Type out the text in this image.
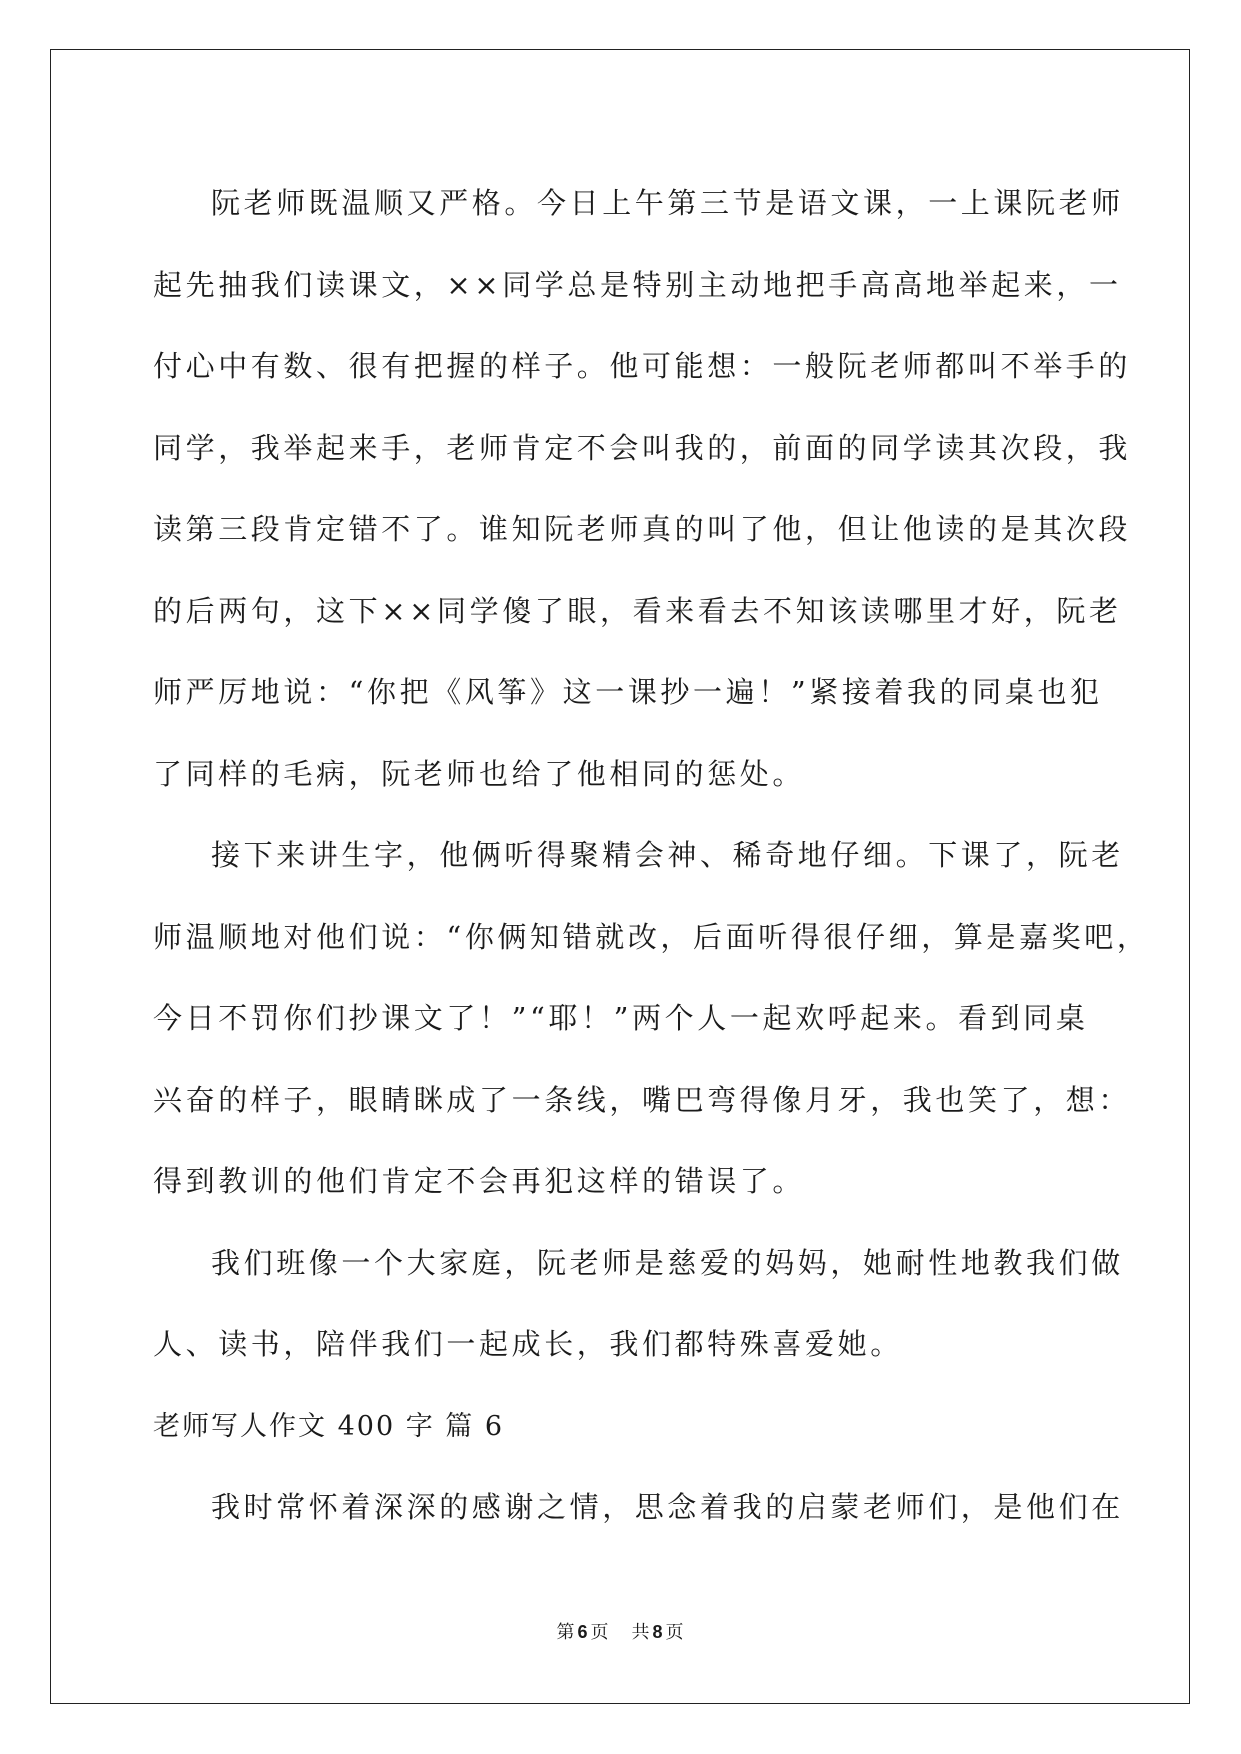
阮老师既温顺又严格。今日上午第三节是语文课，一上课阮老师
起先抽我们读课文，××同学总是特别主动地把手高高地举起来，一
付心中有数、很有把握的样子。他可能想：一般阮老师都叫不举手的
同学，我举起来手，老师肯定不会叫我的，前面的同学读其次段，我
读第三段肯定错不了。谁知阮老师真的叫了他，但让他读的是其次段
的后两句，这下××同学傻了眼，看来看去不知该读哪里才好，阮老
师严厉地说：“你把《风筝》这一课抄一遍！”紧接着我的同桌也犯
了同样的毛病，阮老师也给了他相同的惩处。
接下来讲生字，他俩听得聚精会神、稀奇地仔细。下课了，阮老
师温顺地对他们说：“你俩知错就改，后面听得很仔细，算是嘉奖吧，
今日不罚你们抄课文了！”“耶！”两个人一起欢呼起来。看到同桌
兴奋的样子，眼睛眯成了一条线，嘴巴弯得像月牙，我也笑了，想：
得到教训的他们肯定不会再犯这样的错误了。
我们班像一个大家庭，阮老师是慈爱的妈妈，她耐性地教我们做
人、读书，陪伴我们一起成长，我们都特殊喜爱她。
老师写人作文 400 字 篇 6
我时常怀着深深的感谢之情，思念着我的启蒙老师们，是他们在
第 6 页 共 8 页
